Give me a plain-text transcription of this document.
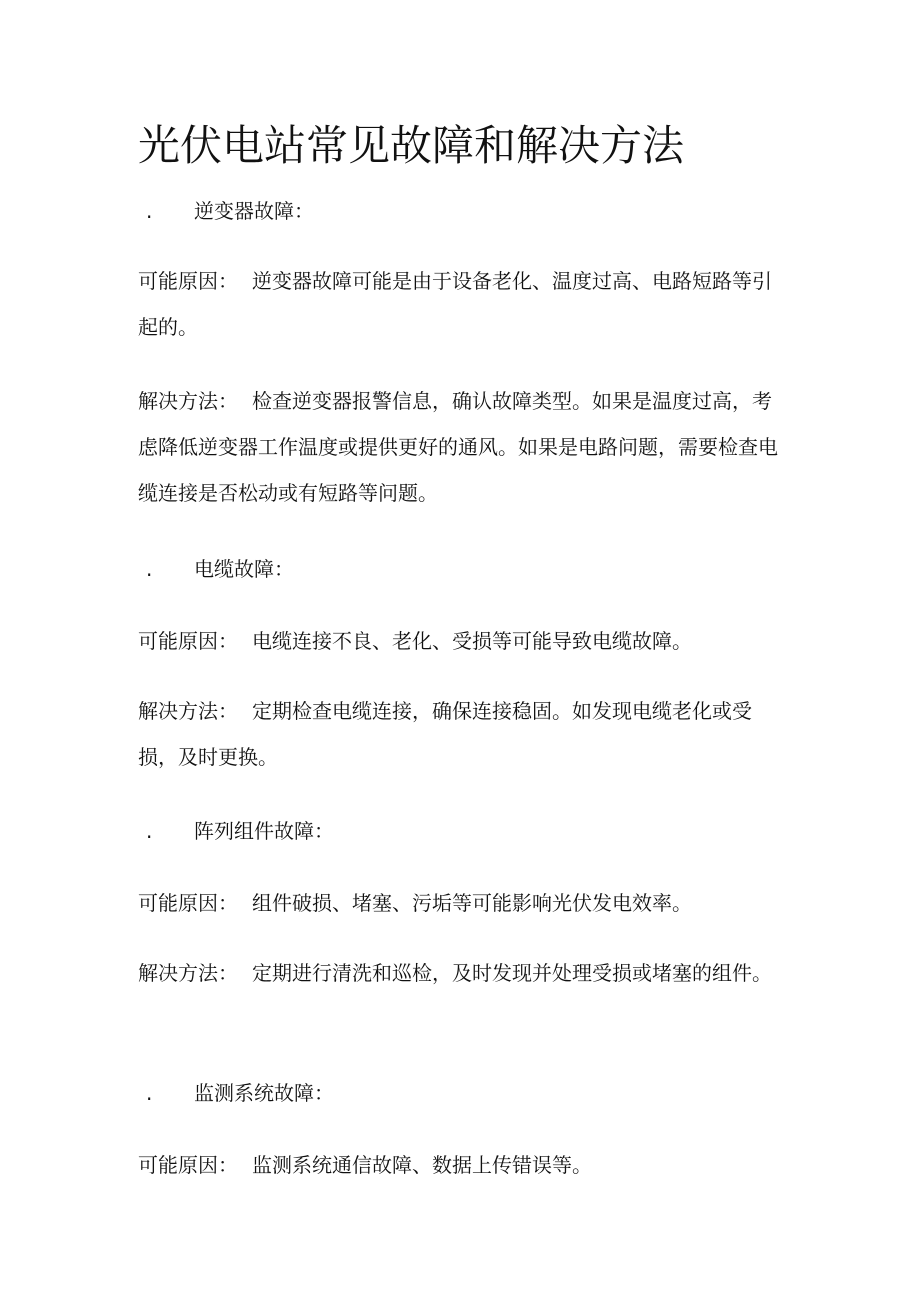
光伏电站常见故障和解决方法
. 逆变器故障：

可能原因： 逆变器故障可能是由于设备老化、温度过高、电路短路等引起的。

解决方法： 检查逆变器报警信息，确认故障类型。如果是温度过高，考虑降低逆变器工作温度或提供更好的通风。如果是电路问题，需要检查电缆连接是否松动或有短路等问题。

. 电缆故障：

可能原因： 电缆连接不良、老化、受损等可能导致电缆故障。

解决方法： 定期检查电缆连接，确保连接稳固。如发现电缆老化或受损，及时更换。

. 阵列组件故障：

可能原因： 组件破损、堵塞、污垢等可能影响光伏发电效率。

解决方法： 定期进行清洗和巡检，及时发现并处理受损或堵塞的组件。

. 监测系统故障：

可能原因： 监测系统通信故障、数据上传错误等。
